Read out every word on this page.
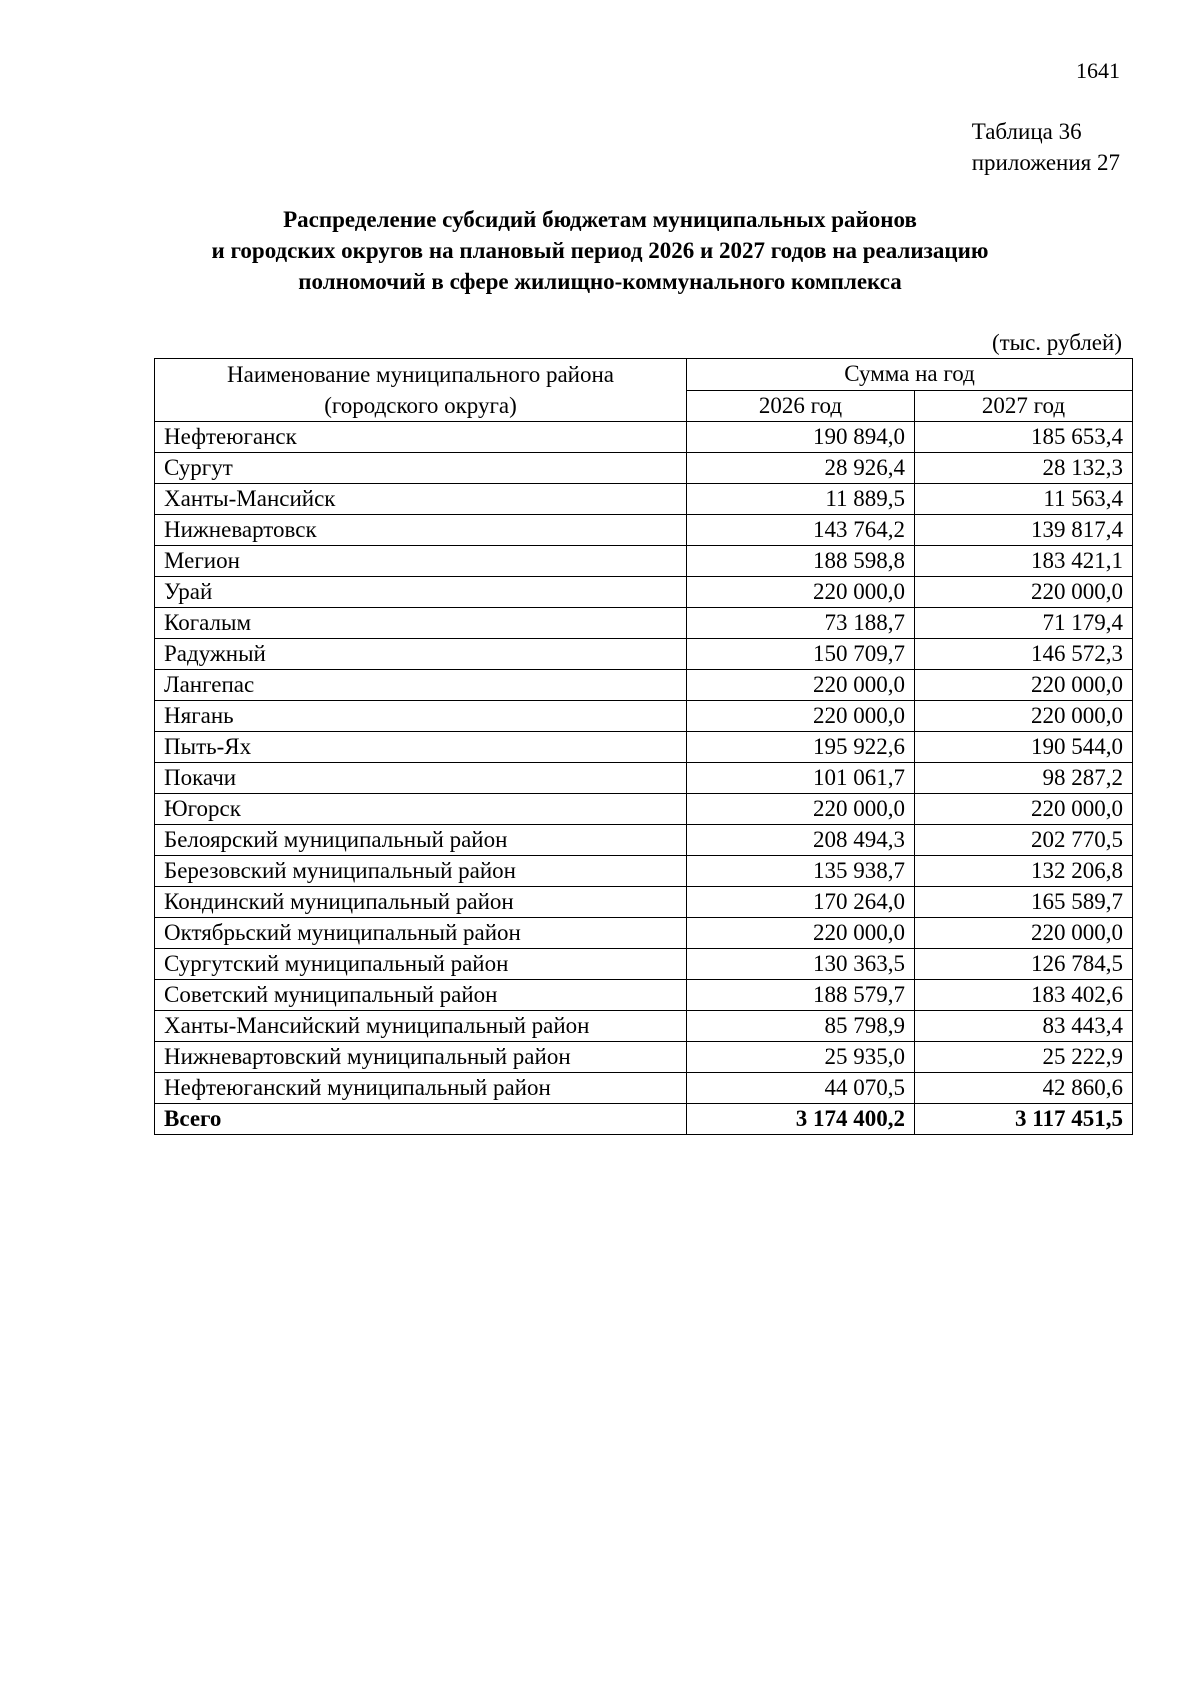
1641
Таблица 36
приложения 27
Распределение субсидий бюджетам муниципальных районов
и городских округов на плановый период 2026 и 2027 годов на реализацию
полномочий в сфере жилищно-коммунального комплекса
(тыс. рублей)
Наименование муниципального района
(городского округа)	Сумма на год	
	2026 год	2027 год
Нефтеюганск	190 894,0	185 653,4
Сургут	28 926,4	28 132,3
Ханты-Мансийск	11 889,5	11 563,4
Нижневартовск	143 764,2	139 817,4
Мегион	188 598,8	183 421,1
Урай	220 000,0	220 000,0
Когалым	73 188,7	71 179,4
Радужный	150 709,7	146 572,3
Лангепас	220 000,0	220 000,0
Нягань	220 000,0	220 000,0
Пыть-Ях	195 922,6	190 544,0
Покачи	101 061,7	98 287,2
Югорск	220 000,0	220 000,0
Белоярский муниципальный район	208 494,3	202 770,5
Березовский муниципальный район	135 938,7	132 206,8
Кондинский муниципальный район	170 264,0	165 589,7
Октябрьский муниципальный район	220 000,0	220 000,0
Сургутский муниципальный район	130 363,5	126 784,5
Советский муниципальный район	188 579,7	183 402,6
Ханты-Мансийский муниципальный район	85 798,9	83 443,4
Нижневартовский муниципальный район	25 935,0	25 222,9
Нефтеюганский муниципальный район	44 070,5	42 860,6
Всего	3 174 400,2	3 117 451,5
